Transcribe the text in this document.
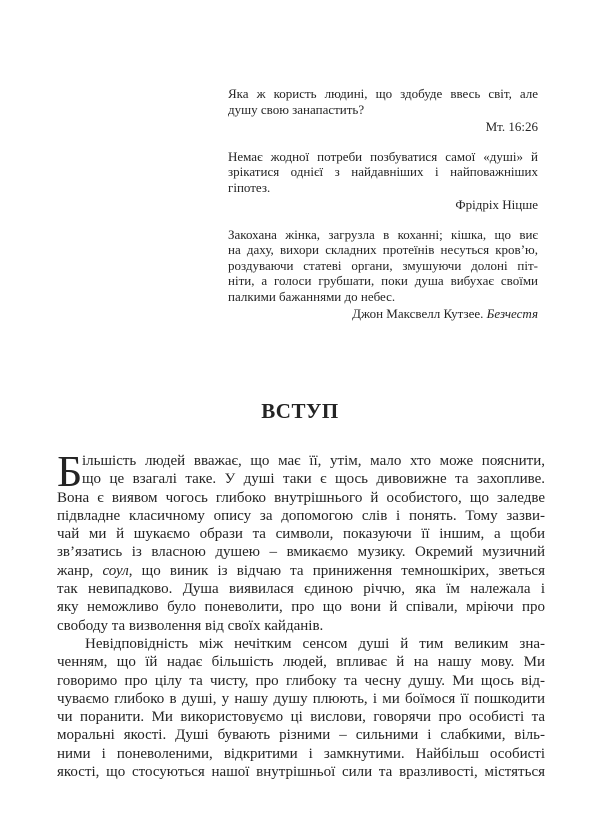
Яка ж користь людині, що здобуде ввесь світ, але
душу свою занапастить?
Мт. 16:26
Немає жодної потреби позбуватися самої «душі» й
зрікатися однієї з найдавніших і найповажніших
гіпотез.
Фрідріх Ніцше
Закохана жінка, загрузла в коханні; кішка, що виє
на даху, вихори складних протеїнів несуться кров’ю,
роздуваючи статеві органи, змушуючи долоні піт-
ніти, а голоси грубшати, поки душа вибухає своїми
палкими бажаннями до небес.
Джон Максвелл Кутзее. Безчестя
ВСТУП
Б ільшість людей вважає, що має її, утім, мало хто може пояснити,
що це взагалі таке. У душі таки є щось дивовижне та захопливе.
Вона є виявом чогось глибоко внутрішнього й особистого, що заледве
підвладне класичному опису за допомогою слів і понять. Тому зазви-
чай ми й шукаємо образи та символи, показуючи її іншим, а щоби
зв’язатись із власною душею – вмикаємо музику. Окремий музичний
жанр, соул, що виник із відчаю та приниження темношкірих, зветься
так невипадково. Душа виявилася єдиною річчю, яка їм належала і
яку неможливо було поневолити, про що вони й співали, мріючи про
свободу та визволення від своїх кайданів.
Невідповідність між нечітким сенсом душі й тим великим зна-
ченням, що їй надає більшість людей, впливає й на нашу мову. Ми
говоримо про цілу та чисту, про глибоку та чесну душу. Ми щось від-
чуваємо глибоко в душі, у нашу душу плюють, і ми боїмося її пошкодити
чи поранити. Ми використовуємо ці вислови, говорячи про особисті та
моральні якості. Душі бувають різними – сильними і слабкими, віль-
ними і поневоленими, відкритими і замкнутими. Найбільш особисті
якості, що стосуються нашої внутрішньої сили та вразливості, містяться
